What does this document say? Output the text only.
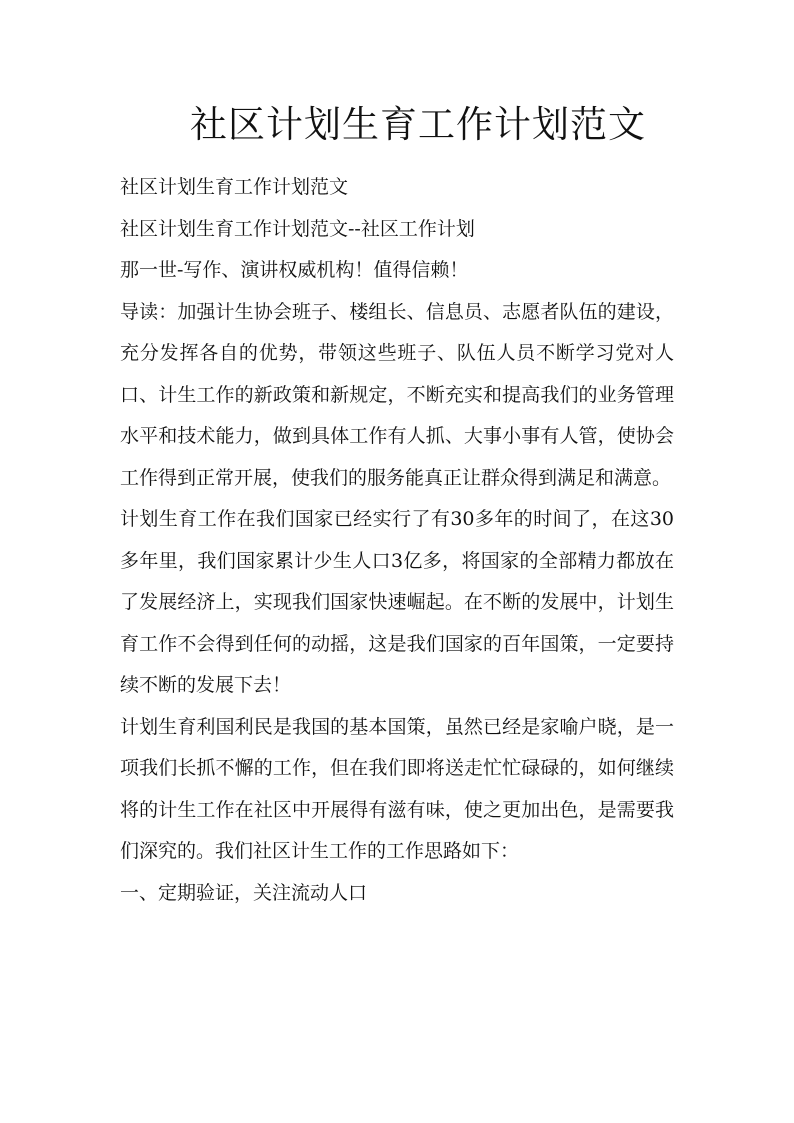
社区计划生育工作计划范文

社区计划生育工作计划范文

社区计划生育工作计划范文--社区工作计划

那一世-写作、演讲权威机构！值得信赖！

导读：加强计生协会班子、楼组长、信息员、志愿者队伍的建设，充分发挥各自的优势，带领这些班子、队伍人员不断学习党对人口、计生工作的新政策和新规定，不断充实和提高我们的业务管理水平和技术能力，做到具体工作有人抓、大事小事有人管，使协会工作得到正常开展，使我们的服务能真正让群众得到满足和满意。

计划生育工作在我们国家已经实行了有30多年的时间了，在这30多年里，我们国家累计少生人口3亿多，将国家的全部精力都放在了发展经济上，实现我们国家快速崛起。在不断的发展中，计划生育工作不会得到任何的动摇，这是我们国家的百年国策，一定要持续不断的发展下去！

计划生育利国利民是我国的基本国策，虽然已经是家喻户晓，是一项我们长抓不懈的工作，但在我们即将送走忙忙碌碌的，如何继续将的计生工作在社区中开展得有滋有味，使之更加出色，是需要我们深究的。我们社区计生工作的工作思路如下：

一、定期验证，关注流动人口
